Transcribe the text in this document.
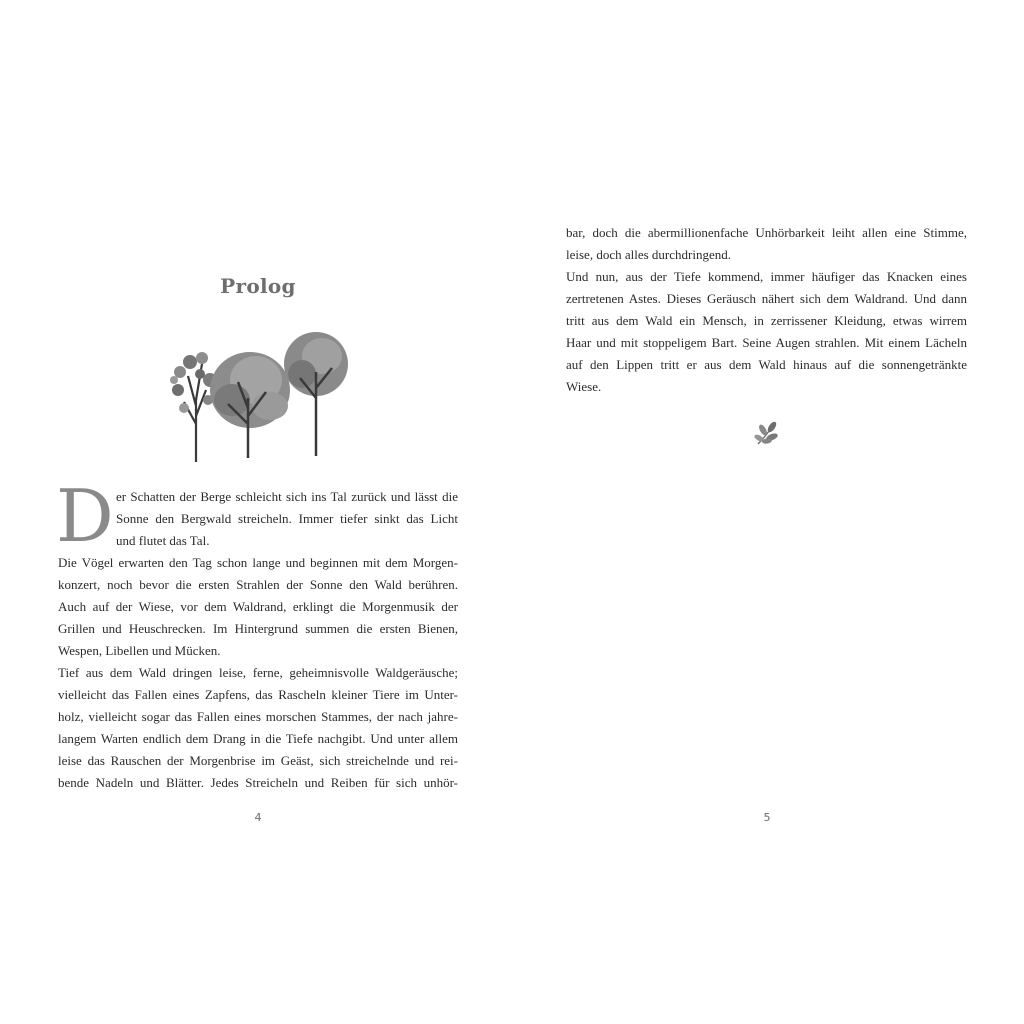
Prolog
D er Schatten der Berge schleicht sich ins Tal zurück und lässt die
Sonne den Bergwald streicheln. Immer tiefer sinkt das Licht
und flutet das Tal.
Die Vögel erwarten den Tag schon lange und beginnen mit dem Morgen-
konzert, noch bevor die ersten Strahlen der Sonne den Wald berühren.
Auch auf der Wiese, vor dem Waldrand, erklingt die Morgenmusik der
Grillen und Heuschrecken. Im Hintergrund summen die ersten Bienen,
Wespen, Libellen und Mücken.
Tief aus dem Wald dringen leise, ferne, geheimnisvolle Waldgeräusche;
vielleicht das Fallen eines Zapfens, das Rascheln kleiner Tiere im Unter-
holz, vielleicht sogar das Fallen eines morschen Stammes, der nach jahre-
langem Warten endlich dem Drang in die Tiefe nachgibt. Und unter allem
leise das Rauschen der Morgenbrise im Geäst, sich streichelnde und rei-
bende Nadeln und Blätter. Jedes Streicheln und Reiben für sich unhör-
4	5
bar, doch die abermillionenfache Unhörbarkeit leiht allen eine Stimme,
leise, doch alles durchdringend.
Und nun, aus der Tiefe kommend, immer häufiger das Knacken eines
zertretenen Astes. Dieses Geräusch nähert sich dem Waldrand. Und dann
tritt aus dem Wald ein Mensch, in zerrissener Kleidung, etwas wirrem
Haar und mit stoppeligem Bart. Seine Augen strahlen. Mit einem Lächeln
auf den Lippen tritt er aus dem Wald hinaus auf die sonnengetränkte
Wiese.
